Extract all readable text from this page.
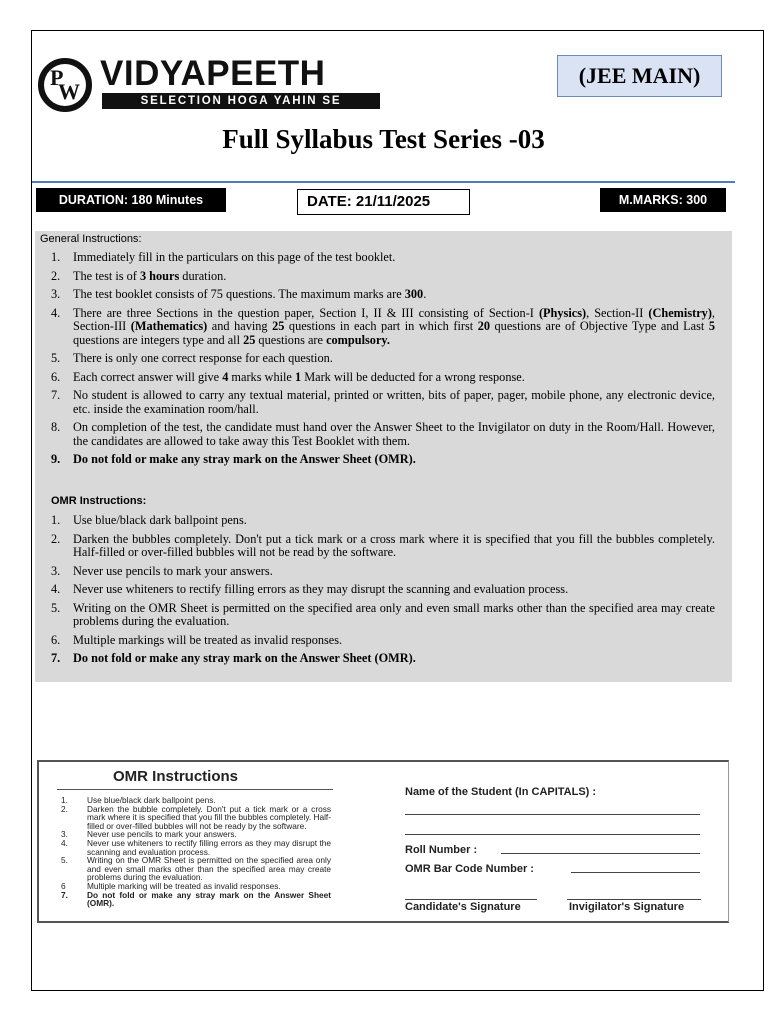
P
W VIDYAPEETH
SELECTION HOGA YAHIN SE
(JEE MAIN)
Full Syllabus Test Series -03
DURATION: 180 Minutes	DATE: 21/11/2025	M.MARKS: 300
General Instructions:
1. Immediately fill in the particulars on this page of the test booklet.
2. The test is of 3 hours duration.
3. The test booklet consists of 75 questions. The maximum marks are 300.
4. There are three Sections in the question paper, Section I, II & III consisting of Section-I (Physics), Section-II (Chemistry), Section-III (Mathematics) and having 25 questions in each part in which first 20 questions are of Objective Type and Last 5 questions are integers type and all 25 questions are compulsory.
5. There is only one correct response for each question.
6. Each correct answer will give 4 marks while 1 Mark will be deducted for a wrong response.
7. No student is allowed to carry any textual material, printed or written, bits of paper, pager, mobile phone, any electronic device, etc. inside the examination room/hall.
8. On completion of the test, the candidate must hand over the Answer Sheet to the Invigilator on duty in the Room/Hall. However, the candidates are allowed to take away this Test Booklet with them.
9. Do not fold or make any stray mark on the Answer Sheet (OMR).
OMR Instructions:
1. Use blue/black dark ballpoint pens.
2. Darken the bubbles completely. Don't put a tick mark or a cross mark where it is specified that you fill the bubbles completely. Half-filled or over-filled bubbles will not be read by the software.
3. Never use pencils to mark your answers.
4. Never use whiteners to rectify filling errors as they may disrupt the scanning and evaluation process.
5. Writing on the OMR Sheet is permitted on the specified area only and even small marks other than the specified area may create problems during the evaluation.
6. Multiple markings will be treated as invalid responses.
7. Do not fold or make any stray mark on the Answer Sheet (OMR).
OMR Instructions
1. Use blue/black dark ballpoint pens.
2. Darken the bubble completely. Don't put a tick mark or a cross mark where it is specified that you fill the bubbles completely. Half-filled or over-filled bubbles will not be ready by the software.
3. Never use pencils to mark your answers.
4. Never use whiteners to rectify filling errors as they may disrupt the scanning and evaluation process.
5. Writing on the OMR Sheet is permitted on the specified area only and even small marks other than the specified area may create problems during the evaluation.
6	Multiple marking will be treated as invalid responses.
7. Do not fold or make any stray mark on the Answer Sheet (OMR).
Name of the Student (In CAPITALS) :
Roll Number :
OMR Bar Code Number :
Candidate's Signature	Invigilator's Signature
